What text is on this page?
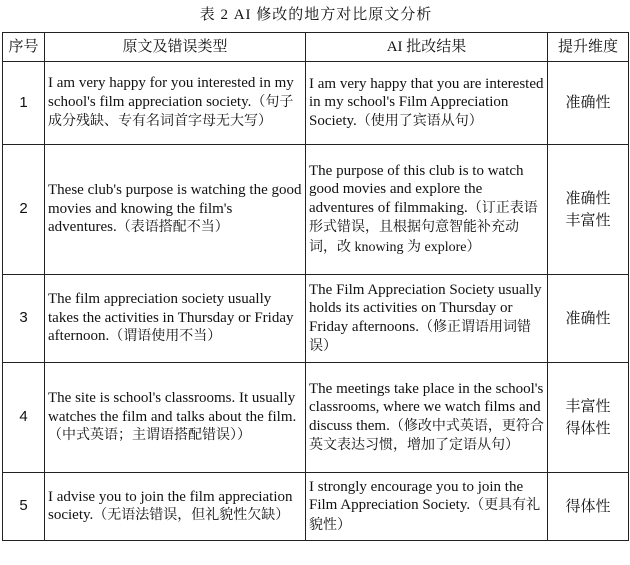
表 2 AI 修改的地方对比原文分析
序号	原文及错误类型	AI 批改结果	提升维度
1	I am very happy for you interested in my school's film appreciation society.（句子成分残缺、专有名词首字母无大写）	I am very happy that you are interested in my school's Film Appreciation Society.（使用了宾语从句）	准确性

2	These club's purpose is watching the good movies and knowing the film's adventures.（表语搭配不当）	The purpose of this club is to watch good movies and explore the adventures of filmmaking.（订正表语形式错误，且根据句意智能补充动词，改 knowing 为 explore）	准确性
丰富性

3	The film appreciation society usually takes the activities in Thursday or Friday afternoon.（谓语使用不当）	The Film Appreciation Society usually holds its activities on Thursday or Friday afternoons.（修正谓语用词错误）	准确性

4	The site is school's classrooms. It usually watches the film and talks about the film.（中式英语；主谓语搭配错误））	The meetings take place in the school's classrooms, where we watch films and discuss them.（修改中式英语，更符合英文表达习惯，增加了定语从句）	丰富性
得体性

5	I advise you to join the film appreciation society.（无语法错误，但礼貌性欠缺）	I strongly encourage you to join the Film Appreciation Society.（更具有礼貌性）	得体性
